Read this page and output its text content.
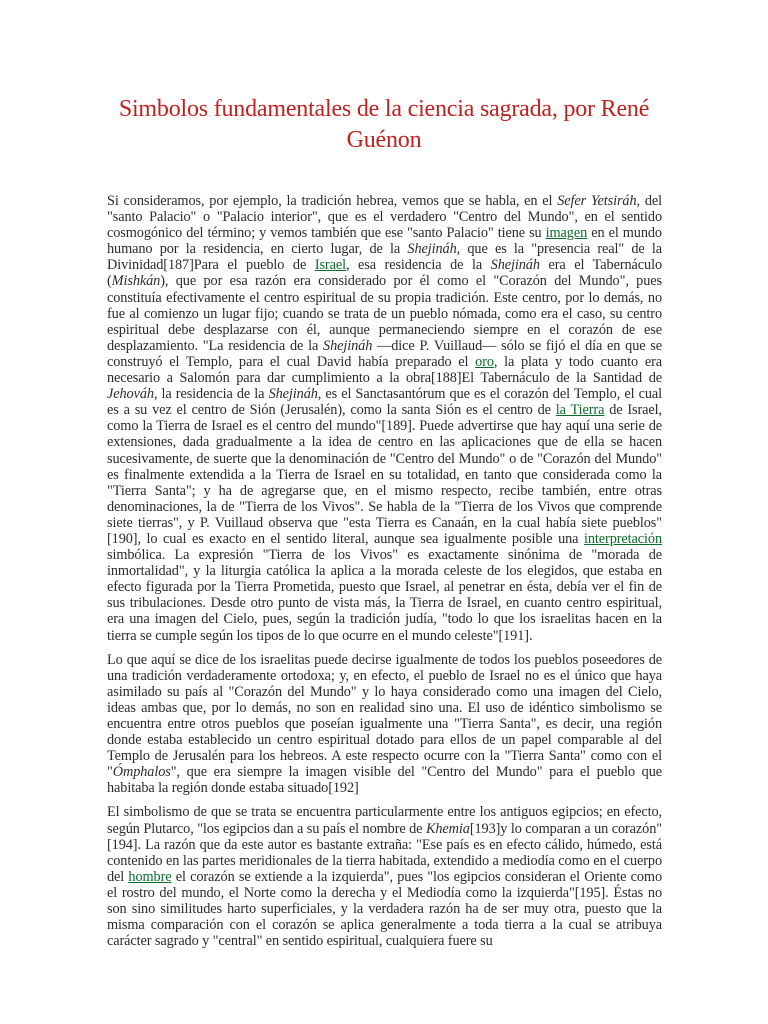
Simbolos fundamentales de la ciencia sagrada, por René Guénon

Si consideramos, por ejemplo, la tradición hebrea, vemos que se habla, en el Sefer Yetsiráh, del "santo Palacio" o "Palacio interior", que es el verdadero "Centro del Mundo", en el sentido cosmogónico del término; y vemos también que ese "santo Palacio" tiene su imagen en el mundo humano por la residencia, en cierto lugar, de la Shejináh, que es la "presencia real" de la Divinidad[187]Para el pueblo de Israel, esa residencia de la Shejináh era el Tabernáculo (Mishkán), que por esa razón era considerado por él como el "Corazón del Mundo", pues constituía efectivamente el centro espiritual de su propia tradición. Este centro, por lo demás, no fue al comienzo un lugar fijo; cuando se trata de un pueblo nómada, como era el caso, su centro espiritual debe desplazarse con él, aunque permaneciendo siempre en el corazón de ese desplazamiento. "La residencia de la Shejináh —dice P. Vuillaud— sólo se fijó el día en que se construyó el Templo, para el cual David había preparado el oro, la plata y todo cuanto era necesario a Salomón para dar cumplimiento a la obra[188]El Tabernáculo de la Santidad de Jehováh, la residencia de la Shejináh, es el Sanctasantórum que es el corazón del Templo, el cual es a su vez el centro de Sión (Jerusalén), como la santa Sión es el centro de la Tierra de Israel, como la Tierra de Israel es el centro del mundo"[189]. Puede advertirse que hay aquí una serie de extensiones, dada gradualmente a la idea de centro en las aplicaciones que de ella se hacen sucesivamente, de suerte que la denominación de "Centro del Mundo" o de "Corazón del Mundo" es finalmente extendida a la Tierra de Israel en su totalidad, en tanto que considerada como la "Tierra Santa"; y ha de agregarse que, en el mismo respecto, recibe también, entre otras denominaciones, la de "Tierra de los Vivos". Se habla de la "Tierra de los Vivos que comprende siete tierras", y P. Vuillaud observa que "esta Tierra es Canaán, en la cual había siete pueblos"[190], lo cual es exacto en el sentido literal, aunque sea igualmente posible una interpretación simbólica. La expresión "Tierra de los Vivos" es exactamente sinónima de "morada de inmortalidad", y la liturgia católica la aplica a la morada celeste de los elegidos, que estaba en efecto figurada por la Tierra Prometida, puesto que Israel, al penetrar en ésta, debía ver el fin de sus tribulaciones. Desde otro punto de vista más, la Tierra de Israel, en cuanto centro espiritual, era una imagen del Cielo, pues, según la tradición judía, "todo lo que los israelitas hacen en la tierra se cumple según los tipos de lo que ocurre en el mundo celeste"[191].

Lo que aquí se dice de los israelitas puede decirse igualmente de todos los pueblos poseedores de una tradición verdaderamente ortodoxa; y, en efecto, el pueblo de Israel no es el único que haya asimilado su país al "Corazón del Mundo" y lo haya considerado como una imagen del Cielo, ideas ambas que, por lo demás, no son en realidad sino una. El uso de idéntico simbolismo se encuentra entre otros pueblos que poseían igualmente una "Tierra Santa", es decir, una región donde estaba establecido un centro espiritual dotado para ellos de un papel comparable al del Templo de Jerusalén para los hebreos. A este respecto ocurre con la "Tierra Santa" como con el "Ómphalos", que era siempre la imagen visible del "Centro del Mundo" para el pueblo que habitaba la región donde estaba situado[192]

El simbolismo de que se trata se encuentra particularmente entre los antiguos egipcios; en efecto, según Plutarco, "los egipcios dan a su país el nombre de Khemia[193]y lo comparan a un corazón"[194]. La razón que da este autor es bastante extraña: "Ese país es en efecto cálido, húmedo, está contenido en las partes meridionales de la tierra habitada, extendido a mediodía como en el cuerpo del hombre el corazón se extiende a la izquierda", pues "los egipcios consideran el Oriente como el rostro del mundo, el Norte como la derecha y el Mediodía como la izquierda"[195]. Éstas no son sino similitudes harto superficiales, y la verdadera razón ha de ser muy otra, puesto que la misma comparación con el corazón se aplica generalmente a toda tierra a la cual se atribuya carácter sagrado y "central" en sentido espiritual, cualquiera fuere su
